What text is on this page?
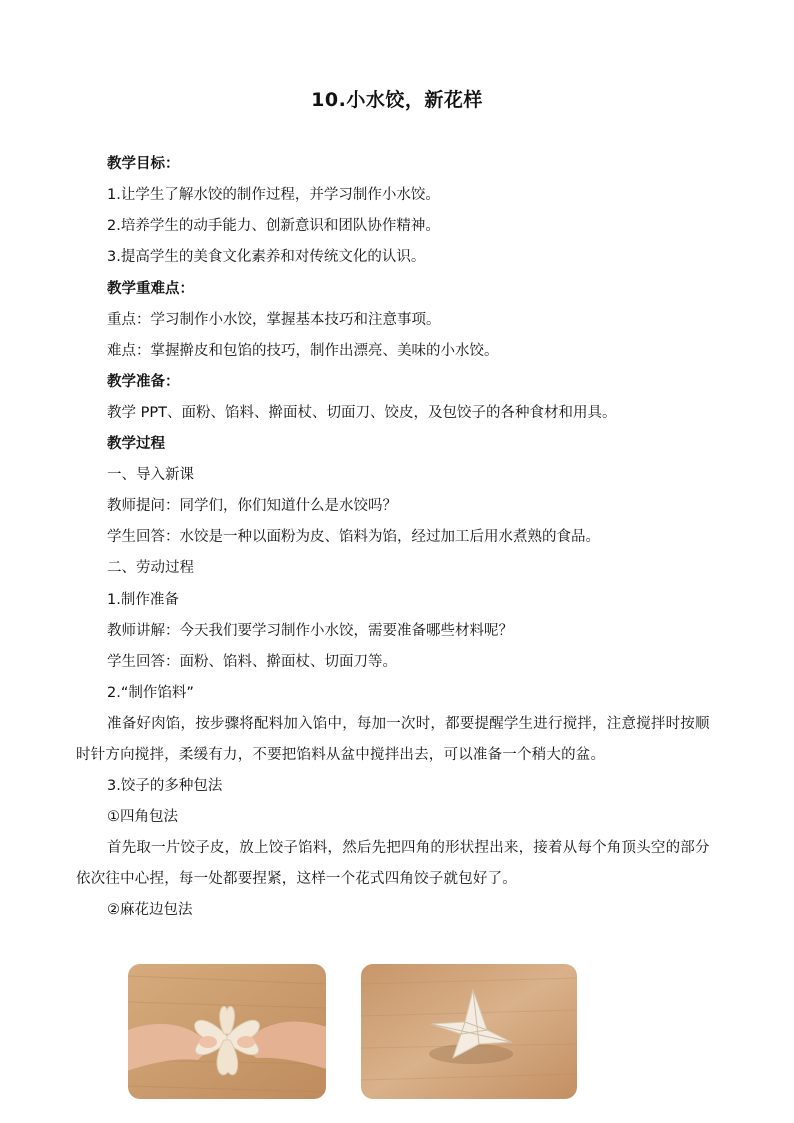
10.小水饺，新花样
教学目标：
1.让学生了解水饺的制作过程，并学习制作小水饺。
2.培养学生的动手能力、创新意识和团队协作精神。
3.提高学生的美食文化素养和对传统文化的认识。
教学重难点：
重点：学习制作小水饺，掌握基本技巧和注意事项。
难点：掌握擀皮和包馅的技巧，制作出漂亮、美味的小水饺。
教学准备：
教学 PPT、面粉、馅料、擀面杖、切面刀、饺皮，及包饺子的各种食材和用具。
教学过程
一、导入新课
教师提问：同学们，你们知道什么是水饺吗？
学生回答：水饺是一种以面粉为皮、馅料为馅，经过加工后用水煮熟的食品。
二、劳动过程
1.制作准备
教师讲解：今天我们要学习制作小水饺，需要准备哪些材料呢？
学生回答：面粉、馅料、擀面杖、切面刀等。
2.“制作馅料”
准备好肉馅，按步骤将配料加入馅中，每加一次时，都要提醒学生进行搅拌，注意搅拌时按顺时针方向搅拌，柔缓有力，不要把馅料从盆中搅拌出去，可以准备一个稍大的盆。
3.饺子的多种包法
①四角包法
首先取一片饺子皮，放上饺子馅料，然后先把四角的形状捏出来，接着从每个角顶头空的部分依次往中心捏，每一处都要捏紧，这样一个花式四角饺子就包好了。
②麻花边包法
